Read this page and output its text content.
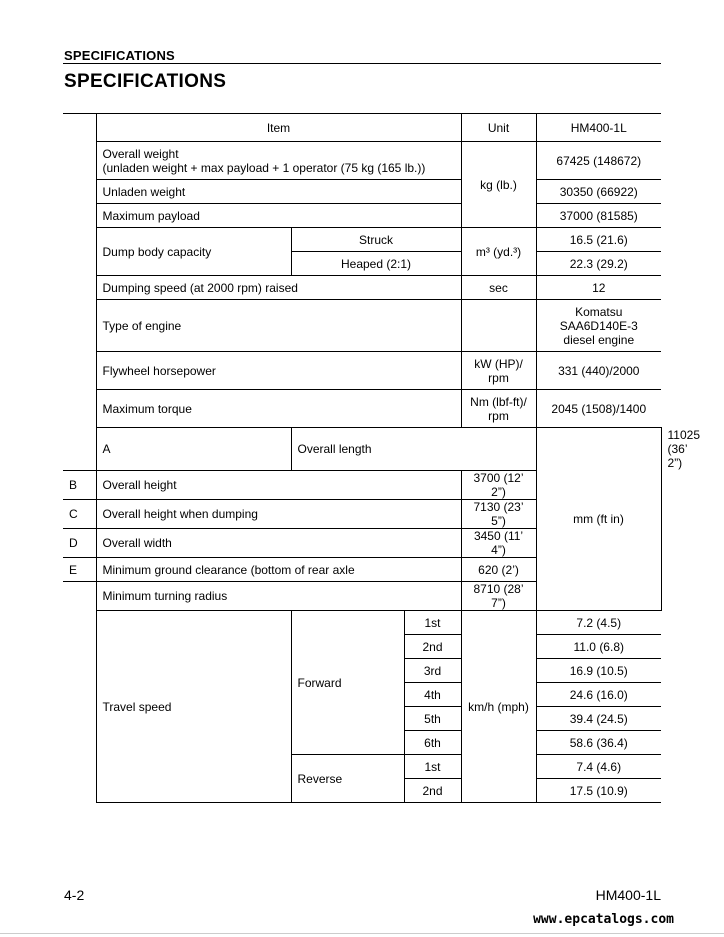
SPECIFICATIONS
SPECIFICATIONS
	Item			Unit	HM400-1L	
	Overall weight
(unladen weight + max payload + 1 operator (75 kg (165 lb.))			kg (lb.)	67425 (148672)	
	Unladen weight				30350 (66922)	
	Maximum payload				37000 (81585)	
	Dump body capacity	Struck		m³ (yd.³)	16.5 (21.6)	
		Heaped (2:1)			22.3 (29.2)	
	Dumping speed (at 2000 rpm) raised			sec	12	
	Type of engine				Komatsu
SAA6D140E-3
diesel engine	
	Flywheel horsepower			kW (HP)/
rpm	331 (440)/2000	
	Maximum torque			Nm (lbf-ft)/
rpm	2045 (1508)/1400	
	A	Overall length			mm (ft in)	11025 (36’ 2”)
B	Overall height			3700 (12’ 2”)		
C	Overall height when dumping			7130 (23’ 5”)		
D	Overall width			3450 (11’ 4”)		
E	Minimum ground clearance (bottom of rear axle			620 (2’)		
	Minimum turning radius			8710 (28’ 7”)		
	Travel speed	Forward	1st	km/h (mph)	7.2 (4.5)	
			2nd		11.0 (6.8)	
			3rd		16.9 (10.5)	
			4th		24.6 (16.0)	
			5th		39.4 (24.5)	
			6th		58.6 (36.4)	
		Reverse	1st		7.4 (4.6)	
			2nd		17.5 (10.9)	
4-2	HM400-1L
www.epcatalogs.com
